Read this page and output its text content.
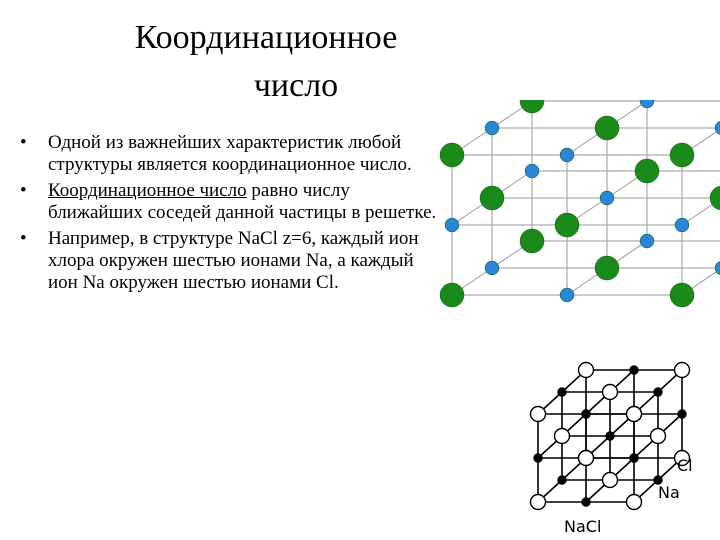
Координационное
число
• Одной из важнейших характеристик любой структуры является координационное число.
• Координационное число равно числу ближайших соседей данной частицы в решетке.
• Например, в структуре NaCl z=6, каждый ион хлора окружен шестью ионами Na, а каждый ион Na окружен шестью ионами Cl.
Cl
Na
NaCl
